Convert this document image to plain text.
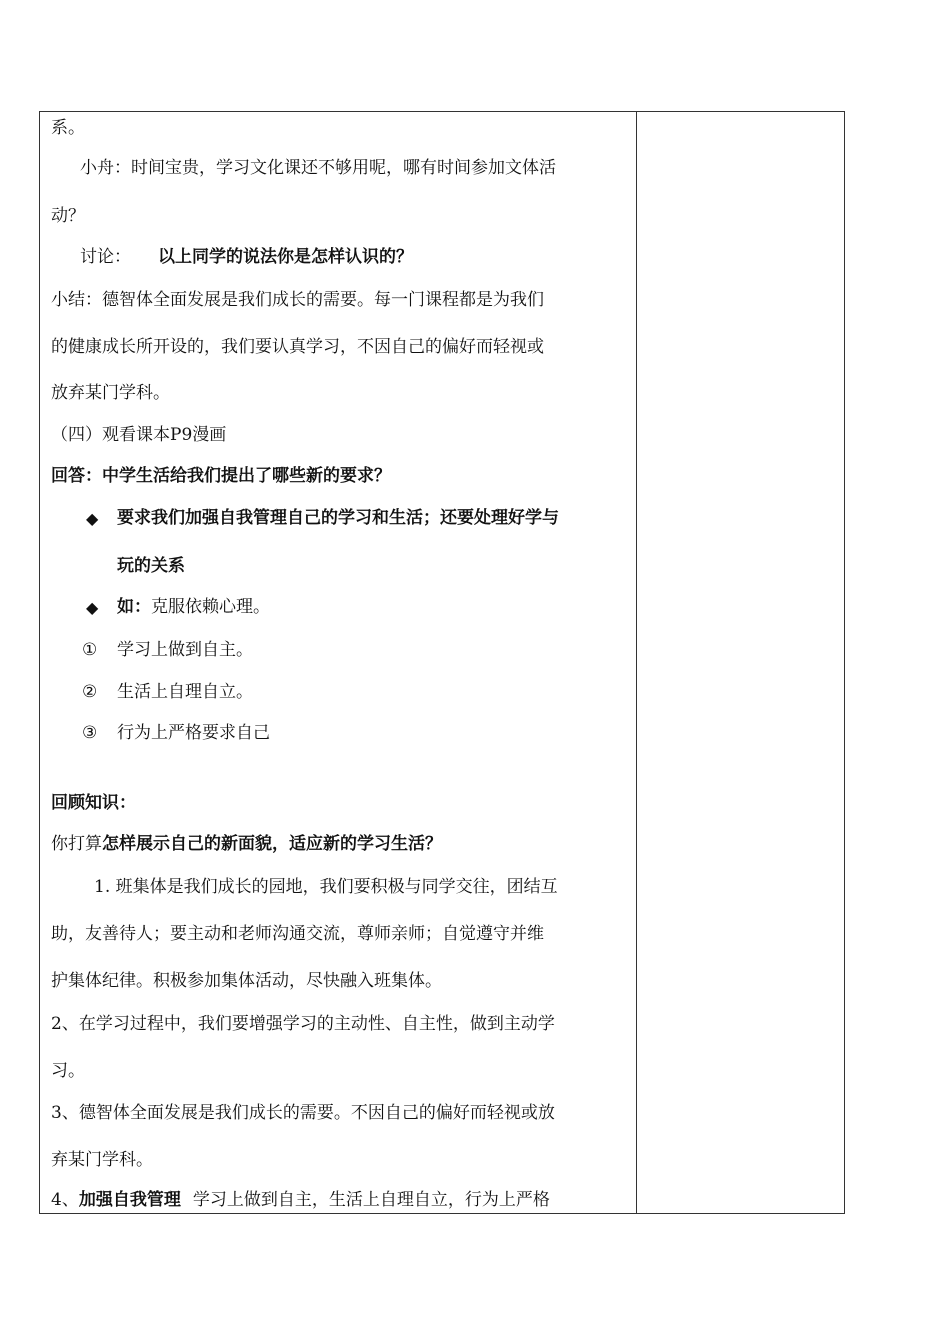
系。
小舟：时间宝贵，学习文化课还不够用呢，哪有时间参加文体活
动？
讨论： 以上同学的说法你是怎样认识的？
小结：德智体全面发展是我们成长的需要。每一门课程都是为我们
的健康成长所开设的，我们要认真学习，不因自己的偏好而轻视或
放弃某门学科。
（四）观看课本P9漫画
回答：中学生活给我们提出了哪些新的要求？
◆ 要求我们加强自我管理自己的学习和生活；还要处理好学与
玩的关系
◆ 如：克服依赖心理。
① 学习上做到自主。
② 生活上自理自立。
③ 行为上严格要求自己
回顾知识：
你打算怎样展示自己的新面貌，适应新的学习生活？
1. 班集体是我们成长的园地，我们要积极与同学交往，团结互
助，友善待人；要主动和老师沟通交流，尊师亲师；自觉遵守并维
护集体纪律。积极参加集体活动，尽快融入班集体。
2、在学习过程中，我们要增强学习的主动性、自主性，做到主动学
习。
3、德智体全面发展是我们成长的需要。不因自己的偏好而轻视或放
弃某门学科。
4、加强自我管理 学习上做到自主，生活上自理自立，行为上严格
